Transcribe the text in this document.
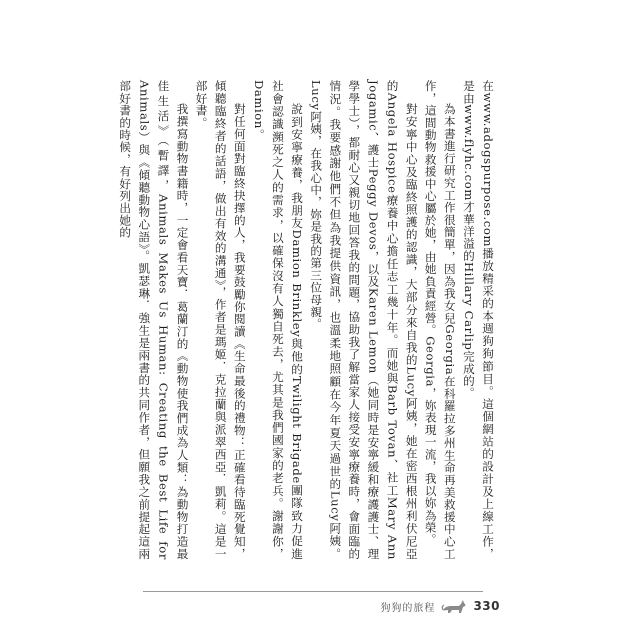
在www.adogspurpose.com播放精采的本週狗狗節目。這個網站的設計及上線工作，是由www.flyhc.com才華洋溢的Hillary Carlip完成的。

為本書進行研究工作很簡單，因為我女兒Georgia在科羅拉多州生命再美救援中心工作，這間動物救援中心屬於她，由她負責經營。Georgia，妳表現一流，我以妳為榮。

對安寧中心及臨終照護的認識，大部分來自我的Lucy阿姨，她在密西根州利伏尼亞的Angela Hospice療養中心擔任志工幾十年。而她與Barb Tovan、社工Mary Ann Jogamic、護士Peggy Devos，以及Karen Lemon（她同時是安寧緩和療護護士、理學學士），都耐心又親切地回答我的問題，協助我了解當家人接受安寧療養時，會面臨的情況。我要感謝他們不但為我提供資訊，也溫柔地照顧在今年夏天過世的Lucy阿姨。Lucy阿姨，在我心中，妳是我的第三位母親。

說到安寧療養，我朋友Damion Brinkley與他的Twilight Brigade團隊致力促進社會認識瀕死之人的需求，以確保沒有人獨自死去，尤其是我們國家的老兵。謝謝你，Damion。

對任何面對臨終抉擇的人，我要鼓勵你閱讀《生命最後的禮物：正確看待臨死覺知，傾聽臨終者的話語，做出有效的溝通》，作者是瑪姬．克拉蘭與派翠西亞．凱莉。這是一部好書。

我撰寫動物書籍時，一定會看天寶．葛蘭汀的《動物使我們成為人類：為動物打造最佳生活》（暫譯，Animals Makes Us Human: Creating the Best Life for Animals）與《傾聽動物心語》。凱瑟琳．強生是兩書的共同作者，但願我之前提起這兩部好書的時候，有好列出她的

狗狗的旅程	330
